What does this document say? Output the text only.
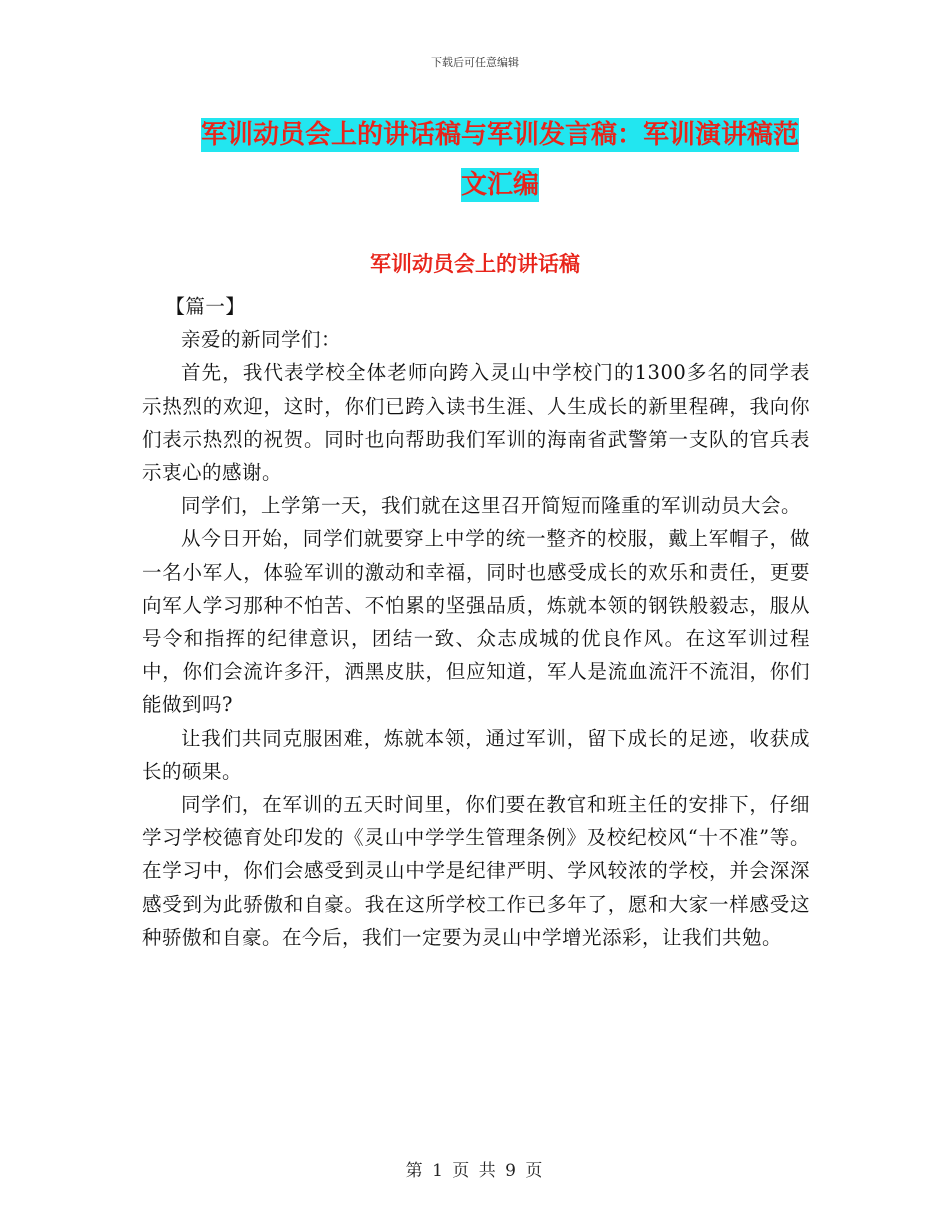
下载后可任意编辑
军训动员会上的讲话稿与军训发言稿：军训演讲稿范文汇编
军训动员会上的讲话稿

【篇一】

亲爱的新同学们：

首先，我代表学校全体老师向跨入灵山中学校门的1300多名的同学表示热烈的欢迎，这时，你们已跨入读书生涯、人生成长的新里程碑，我向你们表示热烈的祝贺。同时也向帮助我们军训的海南省武警第一支队的官兵表示衷心的感谢。

同学们，上学第一天，我们就在这里召开简短而隆重的军训动员大会。

从今日开始，同学们就要穿上中学的统一整齐的校服，戴上军帽子，做一名小军人，体验军训的激动和幸福，同时也感受成长的欢乐和责任，更要向军人学习那种不怕苦、不怕累的坚强品质，炼就本领的钢铁般毅志，服从号令和指挥的纪律意识，团结一致、众志成城的优良作风。在这军训过程中，你们会流许多汗，洒黑皮肤，但应知道，军人是流血流汗不流泪，你们能做到吗?

让我们共同克服困难，炼就本领，通过军训，留下成长的足迹，收获成长的硕果。

同学们，在军训的五天时间里，你们要在教官和班主任的安排下，仔细学习学校德育处印发的《灵山中学学生管理条例》及校纪校风“十不准”等。在学习中，你们会感受到灵山中学是纪律严明、学风较浓的学校，并会深深感受到为此骄傲和自豪。我在这所学校工作已多年了，愿和大家一样感受这种骄傲和自豪。在今后，我们一定要为灵山中学增光添彩，让我们共勉。

第 1 页 共 9 页
